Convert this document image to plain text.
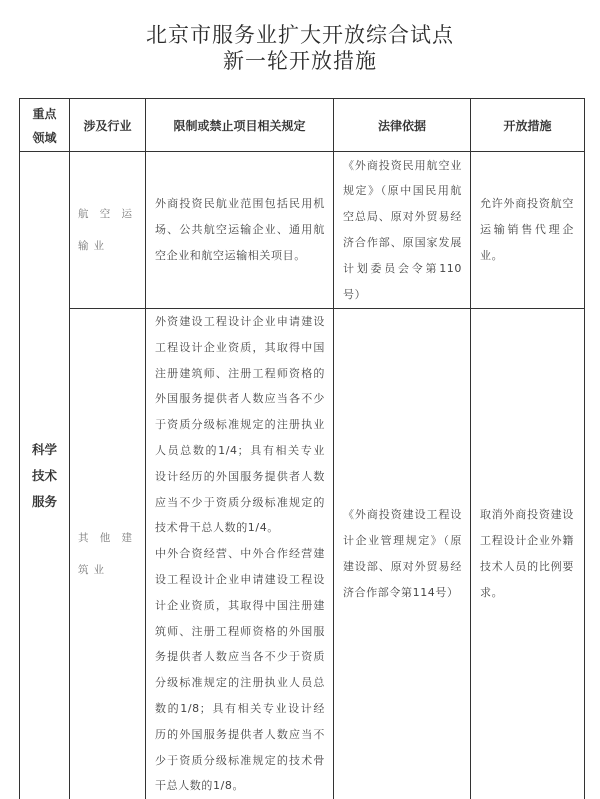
北京市服务业扩大开放综合试点
新一轮开放措施
重点
领域	涉及行业	限制或禁止项目相关规定	法律依据	开放措施

科学
技术
服务	航空运输业	外商投资民航业范围包括民用机场、公共航空运输企业、通用航空企业和航空运输相关项目。	《外商投资民用航空业规定》（原中国民用航空总局、原对外贸易经济合作部、原国家发展计划委员会令第110号）	允许外商投资航空运输销售代理企业。
	其他建筑业	外资建设工程设计企业申请建设工程设计企业资质，其取得中国注册建筑师、注册工程师资格的外国服务提供者人数应当各不少于资质分级标准规定的注册执业人员总数的1/4；具有相关专业设计经历的外国服务提供者人数应当不少于资质分级标准规定的技术骨干总人数的1/4。
中外合资经营、中外合作经营建设工程设计企业申请建设工程设计企业资质，其取得中国注册建筑师、注册工程师资格的外国服务提供者人数应当各不少于资质分级标准规定的注册执业人员总数的1/8；具有相关专业设计经历的外国服务提供者人数应当不少于资质分级标准规定的技术骨干总人数的1/8。	《外商投资建设工程设计企业管理规定》（原建设部、原对外贸易经济合作部令第114号）	取消外商投资建设工程设计企业外籍技术人员的比例要求。
